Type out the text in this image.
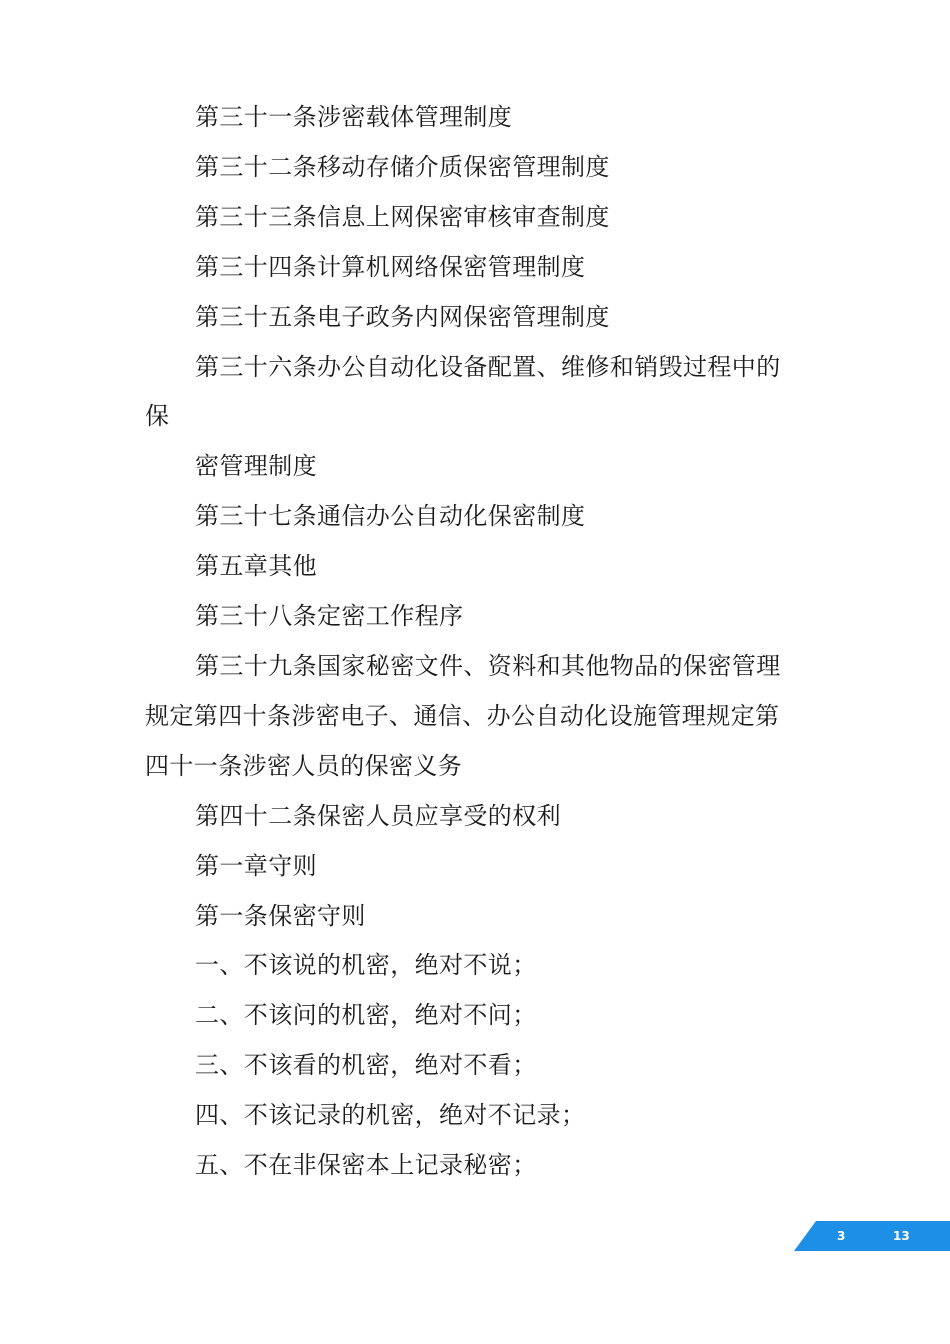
第三十一条涉密载体管理制度

第三十二条移动存储介质保密管理制度

第三十三条信息上网保密审核审查制度

第三十四条计算机网络保密管理制度

第三十五条电子政务内网保密管理制度

第三十六条办公自动化设备配置、维修和销毁过程中的

保

密管理制度

第三十七条通信办公自动化保密制度

第五章其他

第三十八条定密工作程序

第三十九条国家秘密文件、资料和其他物品的保密管理

规定第四十条涉密电子、通信、办公自动化设施管理规定第

四十一条涉密人员的保密义务

第四十二条保密人员应享受的权利

第一章守则

第一条保密守则

一、不该说的机密，绝对不说；

二、不该问的机密，绝对不问；

三、不该看的机密，绝对不看；

四、不该记录的机密，绝对不记录；

五、不在非保密本上记录秘密；

3	13
